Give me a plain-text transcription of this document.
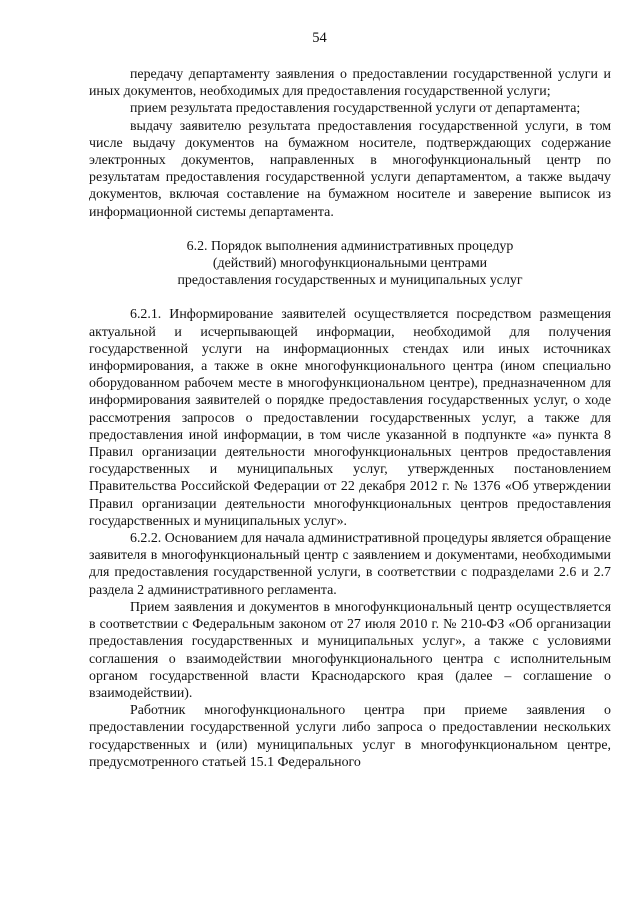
54

передачу департаменту заявления о предоставлении государственной услуги и иных документов, необходимых для предоставления государственной услуги;

прием результата предоставления государственной услуги от департамента;

выдачу заявителю результата предоставления государственной услуги, в том числе выдачу документов на бумажном носителе, подтверждающих содержание электронных документов, направленных в многофункциональный центр по результатам предоставления государственной услуги департаментом, а также выдачу документов, включая составление на бумажном носителе и заверение выписок из информационной системы департамента.

6.2. Порядок выполнения административных процедур
(действий) многофункциональными центрами
предоставления государственных и муниципальных услуг

6.2.1. Информирование заявителей осуществляется посредством размещения актуальной и исчерпывающей информации, необходимой для получения государственной услуги на информационных стендах или иных источниках информирования, а также в окне многофункционального центра (ином специально оборудованном рабочем месте в многофункциональном центре), предназначенном для информирования заявителей о порядке предоставления государственных услуг, о ходе рассмотрения запросов о предоставлении государственных услуг, а также для предоставления иной информации, в том числе указанной в подпункте «а» пункта 8 Правил организации деятельности многофункциональных центров предоставления государственных и муниципальных услуг, утвержденных постановлением Правительства Российской Федерации от 22 декабря 2012 г. № 1376 «Об утверждении Правил организации деятельности многофункциональных центров предоставления государственных и муниципальных услуг».

6.2.2. Основанием для начала административной процедуры является обращение заявителя в многофункциональный центр с заявлением и документами, необходимыми для предоставления государственной услуги, в соответствии с подразделами 2.6 и 2.7 раздела 2 административного регламента.

Прием заявления и документов в многофункциональный центр осуществляется в соответствии с Федеральным законом от 27 июля 2010 г. № 210-ФЗ «Об организации предоставления государственных и муниципальных услуг», а также с условиями соглашения о взаимодействии многофункционального центра с исполнительным органом государственной власти Краснодарского края (далее – соглашение о взаимодействии).

Работник многофункционального центра при приеме заявления о предоставлении государственной услуги либо запроса о предоставлении нескольких государственных и (или) муниципальных услуг в многофункциональном центре, предусмотренного статьей 15.1 Федерального
